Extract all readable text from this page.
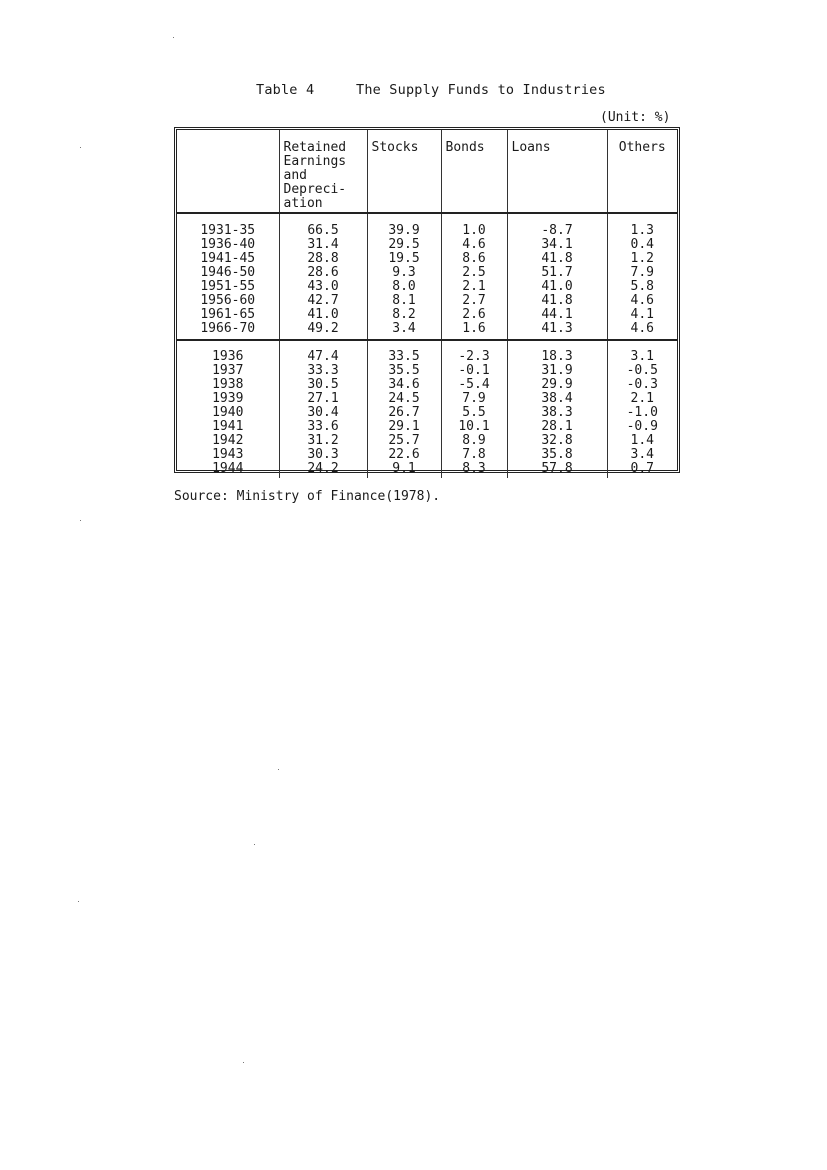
Table 4	The Supply Funds to Industries
(Unit: %)
	Retained
Earnings
and
Depreci-
ation	Stocks	Bonds	Loans	Others
1931-35	66.5	39.9	1.0	-8.7	1.3
1936-40	31.4	29.5	4.6	34.1	0.4
1941-45	28.8	19.5	8.6	41.8	1.2
1946-50	28.6	9.3	2.5	51.7	7.9
1951-55	43.0	8.0	2.1	41.0	5.8
1956-60	42.7	8.1	2.7	41.8	4.6
1961-65	41.0	8.2	2.6	44.1	4.1
1966-70	49.2	3.4	1.6	41.3	4.6
1936	47.4	33.5	-2.3	18.3	3.1
1937	33.3	35.5	-0.1	31.9	-0.5
1938	30.5	34.6	-5.4	29.9	-0.3
1939	27.1	24.5	7.9	38.4	2.1
1940	30.4	26.7	5.5	38.3	-1.0
1941	33.6	29.1	10.1	28.1	-0.9
1942	31.2	25.7	8.9	32.8	1.4
1943	30.3	22.6	7.8	35.8	3.4
1944	24.2	9.1	8.3	57.8	0.7
Source: Ministry of Finance(1978).
